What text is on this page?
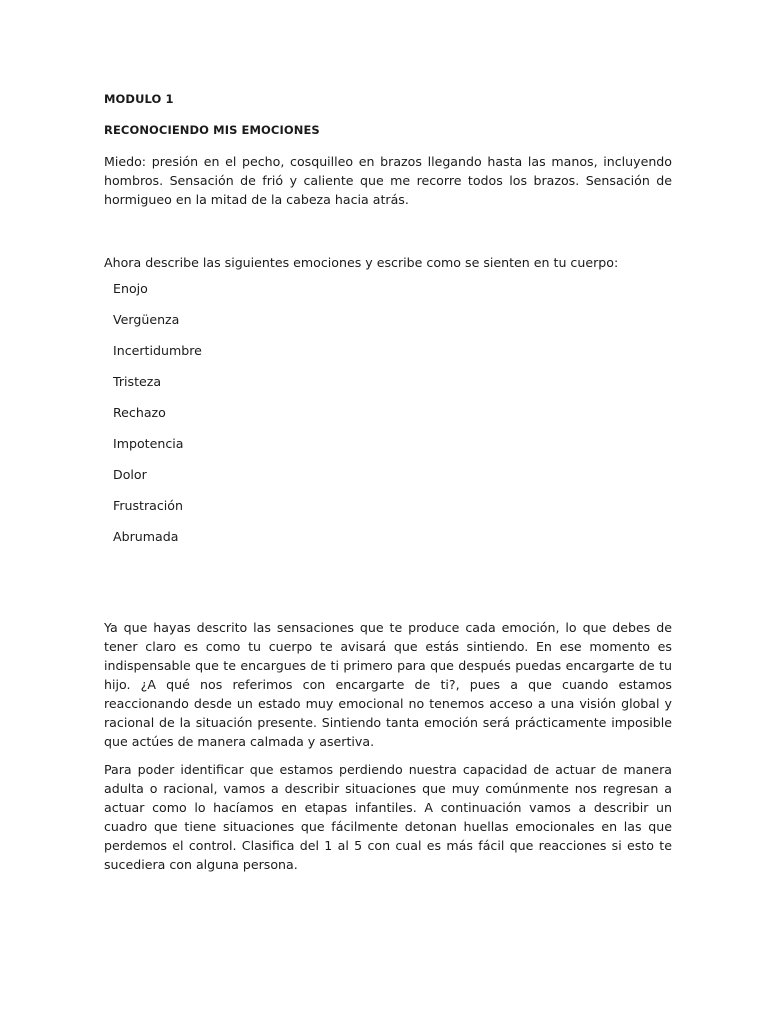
MODULO 1
RECONOCIENDO MIS EMOCIONES

Miedo: presión en el pecho, cosquilleo en brazos llegando hasta las manos, incluyendo hombros. Sensación de frió y caliente que me recorre todos los brazos. Sensación de hormigueo en la mitad de la cabeza hacia atrás.

Ahora describe las siguientes emociones y escribe como se sienten en tu cuerpo:

Enojo
Vergüenza
Incertidumbre
Tristeza
Rechazo
Impotencia
Dolor
Frustración
Abrumada

Ya que hayas descrito las sensaciones que te produce cada emoción, lo que debes de tener claro es como tu cuerpo te avisará que estás sintiendo. En ese momento es indispensable que te encargues de ti primero para que después puedas encargarte de tu hijo. ¿A qué nos referimos con encargarte de ti?, pues a que cuando estamos reaccionando desde un estado muy emocional no tenemos acceso a una visión global y racional de la situación presente. Sintiendo tanta emoción será prácticamente imposible que actúes de manera calmada y asertiva.

Para poder identificar que estamos perdiendo nuestra capacidad de actuar de manera adulta o racional, vamos a describir situaciones que muy comúnmente nos regresan a actuar como lo hacíamos en etapas infantiles. A continuación vamos a describir un cuadro que tiene situaciones que fácilmente detonan huellas emocionales en las que perdemos el control. Clasifica del 1 al 5 con cual es más fácil que reacciones si esto te sucediera con alguna persona.
